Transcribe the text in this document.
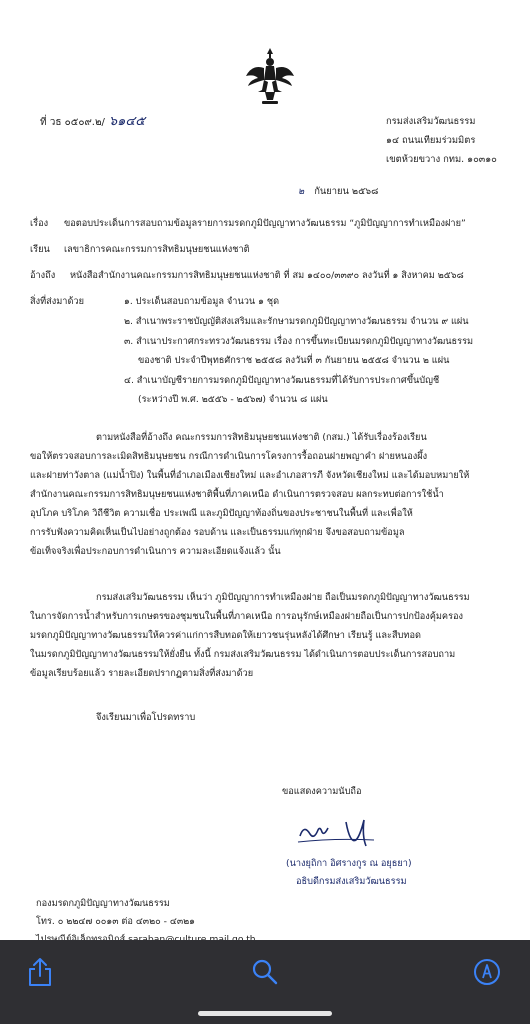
ที่ วธ ๐๕๐๙.๒/ ๖๑๔๕	กรมส่งเสริมวัฒนธรรม
๑๔ ถนนเทียมร่วมมิตร
เขตห้วยขวาง กทม. ๑๐๓๑๐
๒ กันยายน ๒๕๖๘
เรื่อง ขอตอบประเด็นการสอบถามข้อมูลรายการมรดกภูมิปัญญาทางวัฒนธรรม “ภูมิปัญญาการทำเหมืองฝาย”
เรียน เลขาธิการคณะกรรมการสิทธิมนุษยชนแห่งชาติ
อ้างถึง หนังสือสำนักงานคณะกรรมการสิทธิมนุษยชนแห่งชาติ ที่ สม ๑๔๐๐/๓๓๙๐ ลงวันที่ ๑ สิงหาคม ๒๕๖๘
สิ่งที่ส่งมาด้วย	๑. ประเด็นสอบถามข้อมูล จำนวน ๑ ชุด
๒. สำเนาพระราชบัญญัติส่งเสริมและรักษามรดกภูมิปัญญาทางวัฒนธรรม จำนวน ๙ แผ่น
๓. สำเนาประกาศกระทรวงวัฒนธรรม เรื่อง การขึ้นทะเบียนมรดกภูมิปัญญาทางวัฒนธรรม
ของชาติ ประจำปีพุทธศักราช ๒๕๕๘ ลงวันที่ ๓ กันยายน ๒๕๕๘ จำนวน ๒ แผ่น
๔. สำเนาบัญชีรายการมรดกภูมิปัญญาทางวัฒนธรรมที่ได้รับการประกาศขึ้นบัญชี
(ระหว่างปี พ.ศ. ๒๕๕๖ - ๒๕๖๗) จำนวน ๘ แผ่น
ตามหนังสือที่อ้างถึง คณะกรรมการสิทธิมนุษยชนแห่งชาติ (กสม.) ได้รับเรื่องร้องเรียน
ขอให้ตรวจสอบการละเมิดสิทธิมนุษยชน กรณีการดำเนินการโครงการรื้อถอนฝายพญาคำ ฝายหนองผึ้ง
และฝายท่าวังตาล (แม่น้ำปิง) ในพื้นที่อำเภอเมืองเชียงใหม่ และอำเภอสารภี จังหวัดเชียงใหม่ และได้มอบหมายให้
สำนักงานคณะกรรมการสิทธิมนุษยชนแห่งชาติพื้นที่ภาคเหนือ ดำเนินการตรวจสอบ ผลกระทบต่อการใช้น้ำ
อุปโภค บริโภค วิถีชีวิต ความเชื่อ ประเพณี และภูมิปัญญาท้องถิ่นของประชาชนในพื้นที่ และเพื่อให้
การรับฟังความคิดเห็นเป็นไปอย่างถูกต้อง รอบด้าน และเป็นธรรมแก่ทุกฝ่าย จึงขอสอบถามข้อมูล
ข้อเท็จจริงเพื่อประกอบการดำเนินการ ความละเอียดแจ้งแล้ว นั้น
กรมส่งเสริมวัฒนธรรม เห็นว่า ภูมิปัญญาการทำเหมืองฝาย ถือเป็นมรดกภูมิปัญญาทางวัฒนธรรม
ในการจัดการน้ำสำหรับการเกษตรของชุมชนในพื้นที่ภาคเหนือ การอนุรักษ์เหมืองฝายถือเป็นการปกป้องคุ้มครอง
มรดกภูมิปัญญาทางวัฒนธรรมให้ควรค่าแก่การสืบทอดให้เยาวชนรุ่นหลังได้ศึกษา เรียนรู้ และสืบทอด
ในมรดกภูมิปัญญาทางวัฒนธรรมให้ยั่งยืน ทั้งนี้ กรมส่งเสริมวัฒนธรรม ได้ดำเนินการตอบประเด็นการสอบถาม
ข้อมูลเรียบร้อยแล้ว รายละเอียดปรากฏตามสิ่งที่ส่งมาด้วย
จึงเรียนมาเพื่อโปรดทราบ
ขอแสดงความนับถือ
(นางยุถิกา อิศรางกูร ณ อยุธยา)
อธิบดีกรมส่งเสริมวัฒนธรรม
กองมรดกภูมิปัญญาทางวัฒนธรรม
โทร. ๐ ๒๒๔๗ ๐๐๑๓ ต่อ ๔๓๒๐ - ๔๓๒๑
